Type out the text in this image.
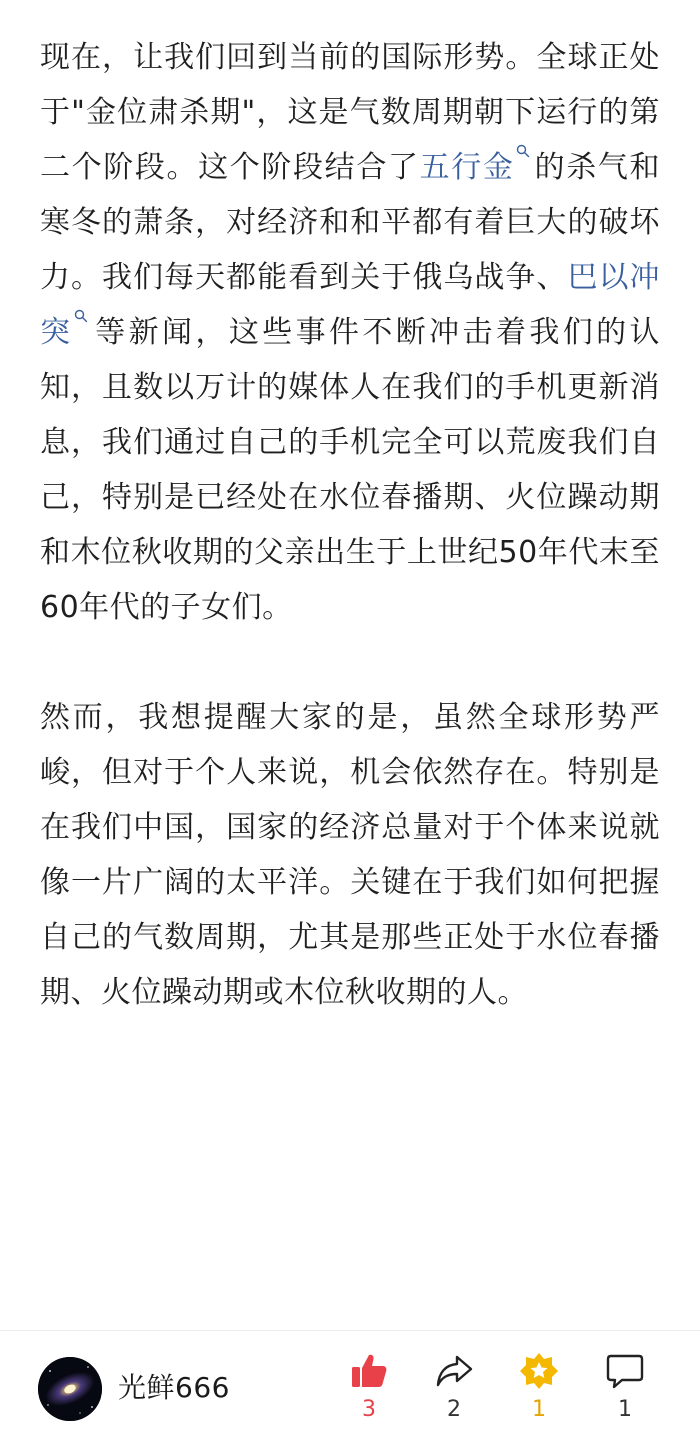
现在，让我们回到当前的国际形势。全球正处于"金位肃杀期"，这是气数周期朝下运行的第二个阶段。这个阶段结合了五行金 的杀气和寒冬的萧条，对经济和和平都有着巨大的破坏力。我们每天都能看到关于俄乌战争、巴以冲突 等新闻，这些事件不断冲击着我们的认知，且数以万计的媒体人在我们的手机更新消息，我们通过自己的手机完全可以荒废我们自己，特别是已经处在水位春播期、火位躁动期和木位秋收期的父亲出生于上世纪50年代末至60年代的子女们。

然而，我想提醒大家的是，虽然全球形势严峻，但对于个人来说，机会依然存在。特别是在我们中国，国家的经济总量对于个体来说就像一片广阔的太平洋。关键在于我们如何把握自己的气数周期，尤其是那些正处于水位春播期、火位躁动期或木位秋收期的人。

光鲜666
3	2	1	1
